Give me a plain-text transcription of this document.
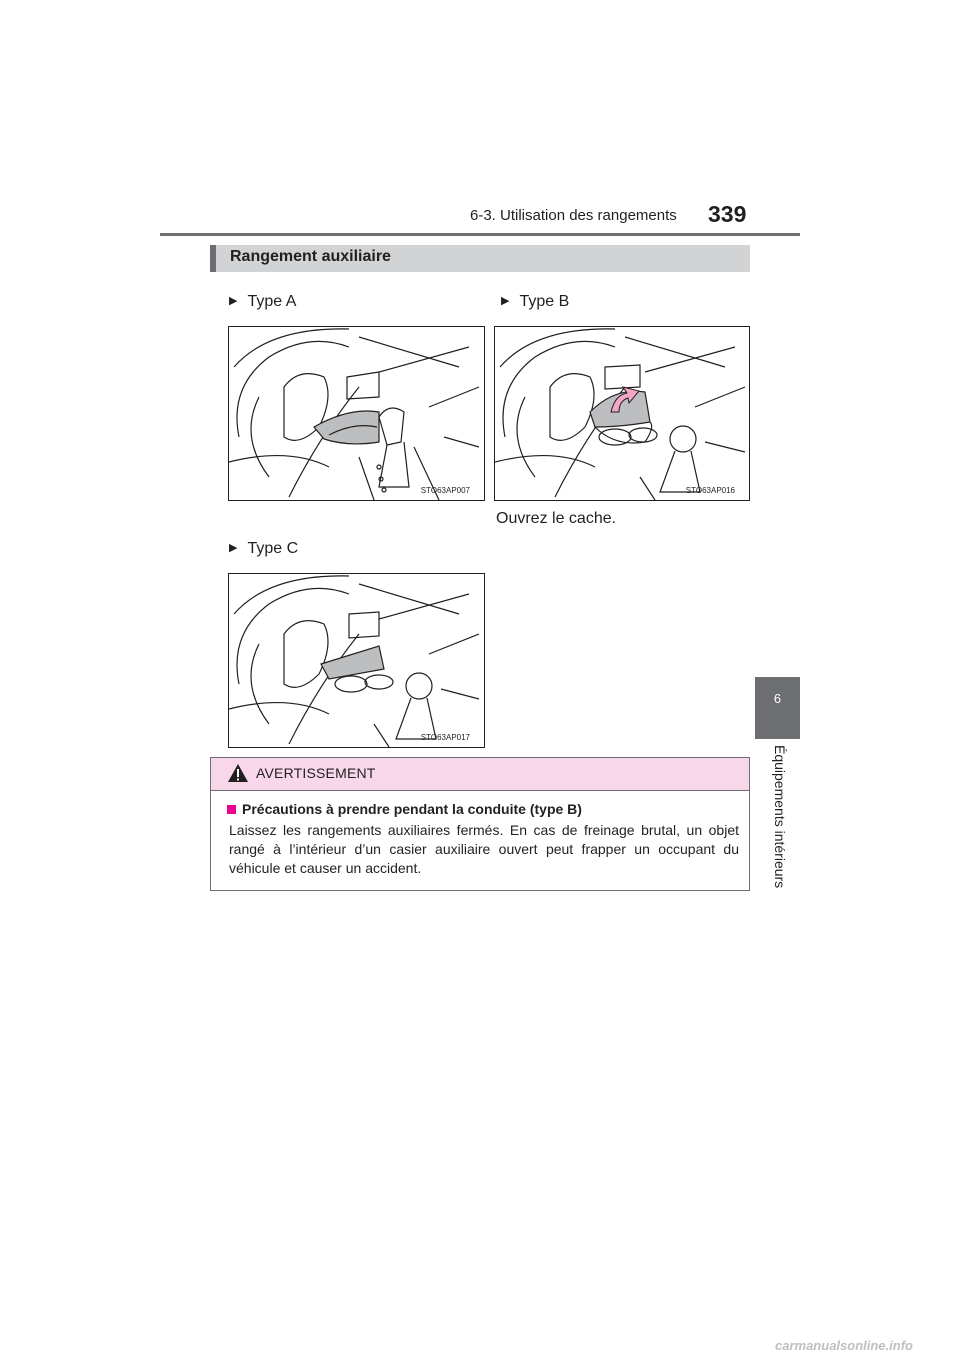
6-3. Utilisation des rangements 339
6
Équipements intérieurs
Rangement auxiliaire
▶ Type A	▶ Type B
STO63AP007	STO63AP016
Ouvrez le cache.
▶ Type C
STO63AP017
AVERTISSEMENT
Précautions à prendre pendant la conduite (type B)
Laissez les rangements auxiliaires fermés. En cas de freinage brutal, un objet rangé à l’intérieur d’un casier auxiliaire ouvert peut frapper un occupant du véhicule et causer un accident.
carmanualsonline.info
